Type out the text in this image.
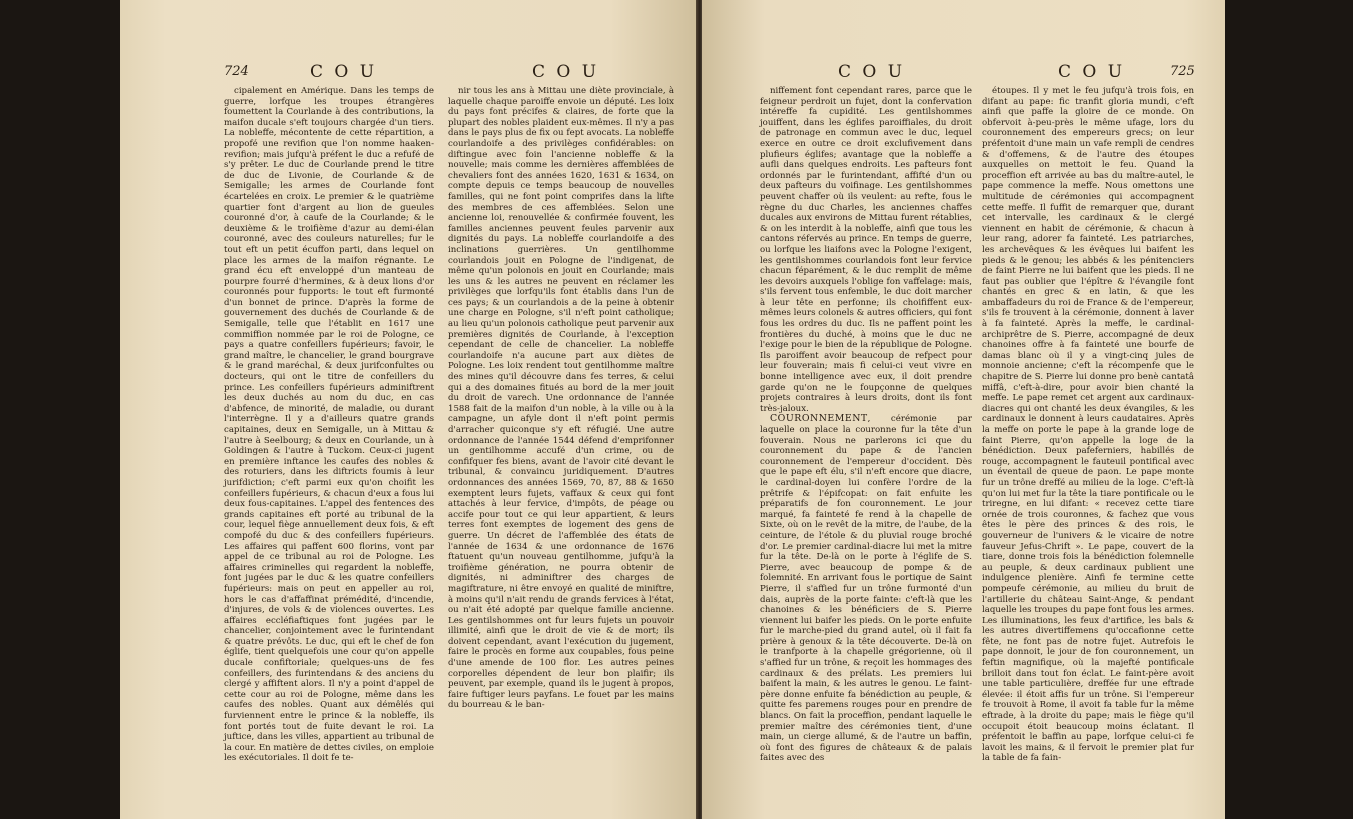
724	C O U	C O U

cipalement en Amérique. Dans les temps de guerre, lorfque les troupes étrangères foumettent la Courlande à des contributions, la maifon ducale s'eft toujours chargée d'un tiers. La nobleffe, mécontente de cette répartition, a propofé une revifion que l'on nomme haaken-revifion; mais jufqu'à préfent le duc a refufé de s'y prêter. Le duc de Courlande prend le titre de duc de Livonie, de Courlande & de Semigalle; les armes de Courlande font écartelées en croix. Le premier & le quatrième quartier font d'argent au lion de gueules couronné d'or, à caufe de la Courlande; & le deuxième & le troifième d'azur au demi-élan couronné, avec des couleurs naturelles; fur le tout eft un petit écuffon parti, dans lequel on place les armes de la maifon régnante. Le grand écu eft enveloppé d'un manteau de pourpre fourré d'hermines, & à deux lions d'or couronnés pour fupports: le tout eft furmonté d'un bonnet de prince. D'après la forme de gouvernement des duchés de Courlande & de Semigalle, telle que l'établit en 1617 une commiffion nommée par le roi de Pologne, ce pays a quatre confeillers fupérieurs; favoir, le grand maître, le chancelier, le grand bourgrave & le grand maréchal, & deux jurifconfultes ou docteurs, qui ont le titre de confeillers du prince. Les confeillers fupérieurs adminiftrent les deux duchés au nom du duc, en cas d'abfence, de minorité, de maladie, ou durant l'interrègne. Il y a d'ailleurs quatre grands capitaines, deux en Semigalle, un à Mittau & l'autre à Seelbourg; & deux en Courlande, un à Goldingen & l'autre à Tuckom. Ceux-ci jugent en première inftance les caufes des nobles & des roturiers, dans les diftricts foumis à leur jurifdiction; c'eft parmi eux qu'on choifit les confeillers fupérieurs, & chacun d'eux a fous lui deux fous-capitaines. L'appel des fentences des grands capitaines eft porté au tribunal de la cour, lequel fiège annuellement deux fois, & eft compofé du duc & des confeillers fupérieurs. Les affaires qui paffent 600 florins, vont par appel de ce tribunal au roi de Pologne. Les affaires criminelles qui regardent la nobleffe, font jugées par le duc & les quatre confeillers fupérieurs: mais on peut en appeller au roi, hors le cas d'affaffinat prémédité, d'incendie, d'injures, de vols & de violences ouvertes. Les affaires eccléfiaftiques font jugées par le chancelier, conjointement avec le furintendant & quatre prévôts. Le duc, qui eft le chef de fon églife, tient quelquefois une cour qu'on appelle ducale confiftoriale; quelques-uns de fes confeillers, des furintendans & des anciens du clergé y affiftent alors. Il n'y a point d'appel de cette cour au roi de Pologne, même dans les caufes des nobles. Quant aux démêlés qui furviennent entre le prince & la nobleffe, ils font portés tout de fuite devant le roi. La juftice, dans les villes, appartient au tribunal de la cour. En matière de dettes civiles, on emploie les exécutoriales. Il doit fe te-

nir tous les ans à Mittau une diète provinciale, à laquelle chaque paroiffe envoie un député. Les loix du pays font précifes & claires, de forte que la plupart des nobles plaident eux-mêmes. Il n'y a pas dans le pays plus de fix ou fept avocats. La nobleffe courlandoife a des privilèges confidérables: on diftingue avec foin l'ancienne nobleffe & la nouvelle; mais comme les dernières affemblées de chevaliers font des années 1620, 1631 & 1634, on compte depuis ce temps beaucoup de nouvelles familles, qui ne font point comprifes dans la lifte des membres de ces affemblées. Selon une ancienne loi, renouvellée & confirmée fouvent, les familles anciennes peuvent feules parvenir aux dignités du pays. La nobleffe courlandoife a des inclinations guerrières. Un gentilhomme courlandois jouit en Pologne de l'indigenat, de même qu'un polonois en jouit en Courlande; mais les uns & les autres ne peuvent en réclamer les privilèges que lorfqu'ils font établis dans l'un de ces pays; & un courlandois a de la peine à obtenir une charge en Pologne, s'il n'eft point catholique; au lieu qu'un polonois catholique peut parvenir aux premières dignités de Courlande, à l'exception cependant de celle de chancelier. La nobleffe courlandoife n'a aucune part aux diètes de Pologne. Les loix rendent tout gentilhomme maître des mines qu'il découvre dans fes terres, & celui qui a des domaines fitués au bord de la mer jouit du droit de varech. Une ordonnance de l'année 1588 fait de la maifon d'un noble, à la ville ou à la campagne, un afyle dont il n'eft point permis d'arracher quiconque s'y eft réfugié. Une autre ordonnance de l'année 1544 défend d'emprifonner un gentilhomme accufé d'un crime, ou de confifquer fes biens, avant de l'avoir cité devant le tribunal, & convaincu juridiquement. D'autres ordonnances des années 1569, 70, 87, 88 & 1650 exemptent leurs fujets, vaffaux & ceux qui font attachés à leur fervice, d'impôts, de péage ou accife pour tout ce qui leur appartient, & leurs terres font exemptes de logement des gens de guerre. Un décret de l'affemblée des états de l'année de 1634 & une ordonnance de 1676 ftatuent qu'un nouveau gentilhomme, jufqu'à la troifième génération, ne pourra obtenir de dignités, ni adminiftrer des charges de magiftrature, ni être envoyé en qualité de miniftre, à moins qu'il n'ait rendu de grands fervices à l'état, ou n'ait été adopté par quelque famille ancienne. Les gentilshommes ont fur leurs fujets un pouvoir illimité, ainfi que le droit de vie & de mort; ils doivent cependant, avant l'exécution du jugement, faire le procès en forme aux coupables, fous peine d'une amende de 100 flor. Les autres peines corporelles dépendent de leur bon plaifir; ils peuvent, par exemple, quand ils le jugent à propos, faire fuftiger leurs payfans. Le fouet par les mains du bourreau & le ban-

C O U	C O U	725

niffement font cependant rares, parce que le feigneur perdroit un fujet, dont la confervation intéreffe fa cupidité. Les gentilshommes jouiffent, dans les églifes paroiffiales, du droit de patronage en commun avec le duc, lequel exerce en outre ce droit exclufivement dans plufieurs églifes; avantage que la nobleffe a aufli dans quelques endroits. Les pafteurs font ordonnés par le furintendant, affifté d'un ou deux pafteurs du voifinage. Les gentilshommes peuvent chaffer où ils veulent: au refte, fous le règne du duc Charles, les anciennes chaffes ducales aux environs de Mittau furent rétablies, & on les interdit à la nobleffe, ainfi que tous les cantons réfervés au prince. En temps de guerre, ou lorfque les liaifons avec la Pologne l'exigent, les gentilshommes courlandois font leur fervice chacun féparément, & le duc remplit de même les devoirs auxquels l'oblige fon vaffelage: mais, s'ils fervent tous enfemble, le duc doit marcher à leur tête en perfonne; ils choififfent eux-mêmes leurs colonels & autres officiers, qui font fous les ordres du duc. Ils ne paffent point les frontières du duché, à moins que le duc ne l'exige pour le bien de la république de Pologne. Ils paroiffent avoir beaucoup de refpect pour leur fouverain; mais fi celui-ci veut vivre en bonne intelligence avec eux, il doit prendre garde qu'on ne le foupçonne de quelques projets contraires à leurs droits, dont ils font très-jaloux.

COURONNEMENT, cérémonie par laquelle on place la couronne fur la tête d'un fouverain. Nous ne parlerons ici que du couronnement du pape & de l'ancien couronnement de l'empereur d'occident. Dès que le pape eft élu, s'il n'eft encore que diacre, le cardinal-doyen lui confère l'ordre de la prêtrife & l'épifcopat: on fait enfuite les préparatifs de fon couronnement. Le jour marqué, fa fainteté fe rend à la chapelle de Sixte, où on le revêt de la mitre, de l'aube, de la ceinture, de l'étole & du pluvial rouge broché d'or. Le premier cardinal-diacre lui met la mitre fur la tête. De-là on le porte à l'églife de S. Pierre, avec beaucoup de pompe & de folemnité. En arrivant fous le portique de Saint Pierre, il s'affied fur un trône furmonté d'un dais, auprès de la porte fainte: c'eft-là que les chanoines & les bénéficiers de S. Pierre viennent lui baifer les pieds. On le porte enfuite fur le marche-pied du grand autel, où il fait fa prière à genoux & la tête découverte. De-là on le tranfporte à la chapelle grégorienne, où il s'affied fur un trône, & reçoit les hommages des cardinaux & des prélats. Les premiers lui baifent la main, & les autres le genou. Le faint-père donne enfuite fa bénédiction au peuple, & quitte fes paremens rouges pour en prendre de blancs. On fait la proceffion, pendant laquelle le premier maître des cérémonies tient, d'une main, un cierge allumé, & de l'autre un baffin, où font des figures de châteaux & de palais faites avec des

étoupes. Il y met le feu jufqu'à trois fois, en difant au pape: fic tranfit gloria mundi, c'eft ainfi que paffe la gloire de ce monde. On obfervoit à-peu-près le même ufage, lors du couronnement des empereurs grecs; on leur préfentoit d'une main un vafe rempli de cendres & d'offemens, & de l'autre des étoupes auxquelles on mettoit le feu. Quand la proceffion eft arrivée au bas du maître-autel, le pape commence la meffe. Nous omettons une multitude de cérémonies qui accompagnent cette meffe. Il fuffit de remarquer que, durant cet intervalle, les cardinaux & le clergé viennent en habit de cérémonie, & chacun à leur rang, adorer fa fainteté. Les patriarches, les archevêques & les évêques lui baifent les pieds & le genou; les abbés & les pénitenciers de faint Pierre ne lui baifent que les pieds. Il ne faut pas oublier que l'épître & l'évangile font chantés en grec & en latin, & que les ambaffadeurs du roi de France & de l'empereur, s'ils fe trouvent à la cérémonie, donnent à laver à fa fainteté. Après la meffe, le cardinal-archiprêtre de S. Pierre, accompagné de deux chanoines offre à fa fainteté une bourfe de damas blanc où il y a vingt-cinq jules de monnoie ancienne; c'eft la récompenfe que le chapitre de S. Pierre lui donne pro benè cantatâ miffâ, c'eft-à-dire, pour avoir bien chanté la meffe. Le pape remet cet argent aux cardinaux-diacres qui ont chanté les deux évangiles, & les cardinaux le donnent à leurs caudataires. Après la meffe on porte le pape à la grande loge de faint Pierre, qu'on appelle la loge de la bénédiction. Deux pafeferniers, habillés de rouge, accompagnent le fauteuil pontifical avec un éventail de queue de paon. Le pape monte fur un trône dreffé au milieu de la loge. C'eft-là qu'on lui met fur la tête la tiare pontificale ou le triregne, en lui difant: « recevez cette tiare ornée de trois couronnes, & fachez que vous êtes le père des princes & des rois, le gouverneur de l'univers & le vicaire de notre fauveur Jefus-Chrift ». Le pape, couvert de la tiare, donne trois fois la bénédiction folemnelle au peuple, & deux cardinaux publient une indulgence plenière. Ainfi fe termine cette pompeufe cérémonie, au milieu du bruit de l'artillerie du château Saint-Ange, & pendant laquelle les troupes du pape font fous les armes. Les illuminations, les feux d'artifice, les bals & les autres divertiffemens qu'occafionne cette fête, ne font pas de notre fujet. Autrefois le pape donnoit, le jour de fon couronnement, un feftin magnifique, où la majefté pontificale brilloit dans tout fon éclat. Le faint-père avoit une table particulière, dreffée fur une eftrade élevée: il étoit affis fur un trône. Si l'empereur fe trouvoit à Rome, il avoit fa table fur la même eftrade, à la droite du pape; mais le fiège qu'il occupoit étoit beaucoup moins éclatant. Il préfentoit le baffin au pape, lorfque celui-ci fe lavoit les mains, & il fervoit le premier plat fur la table de fa fain-
